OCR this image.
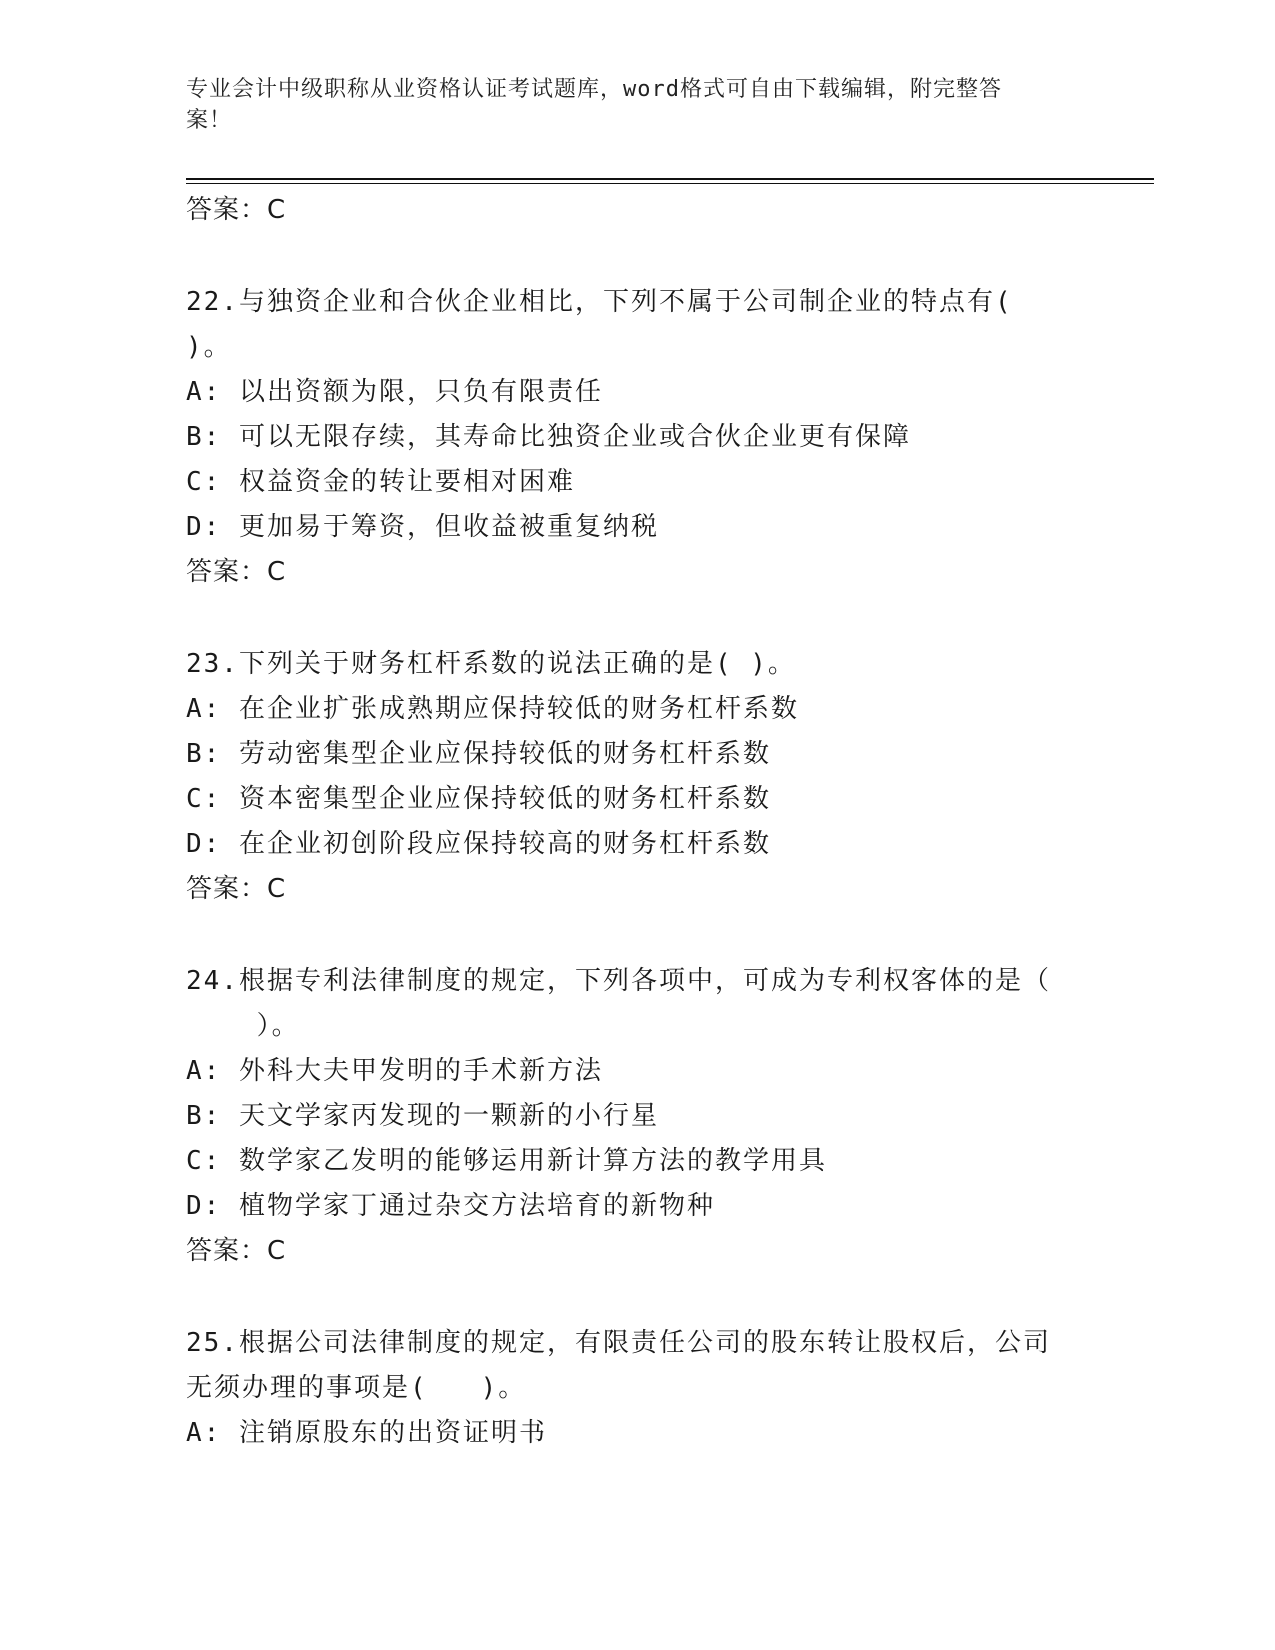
专业会计中级职称从业资格认证考试题库，word格式可自由下载编辑，附完整答
案！
答案：C
22.与独资企业和合伙企业相比，下列不属于公司制企业的特点有(
)。
A: 以出资额为限，只负有限责任
B: 可以无限存续，其寿命比独资企业或合伙企业更有保障
C: 权益资金的转让要相对困难
D: 更加易于筹资，但收益被重复纳税
答案：C
23.下列关于财务杠杆系数的说法正确的是( )。
A: 在企业扩张成熟期应保持较低的财务杠杆系数
B: 劳动密集型企业应保持较低的财务杠杆系数
C: 资本密集型企业应保持较低的财务杠杆系数
D: 在企业初创阶段应保持较高的财务杠杆系数
答案：C
24.根据专利法律制度的规定，下列各项中，可成为专利权客体的是（
）。
A: 外科大夫甲发明的手术新方法
B: 天文学家丙发现的一颗新的小行星
C: 数学家乙发明的能够运用新计算方法的教学用具
D: 植物学家丁通过杂交方法培育的新物种
答案：C
25.根据公司法律制度的规定，有限责任公司的股东转让股权后，公司
无须办理的事项是(   )。
A: 注销原股东的出资证明书
